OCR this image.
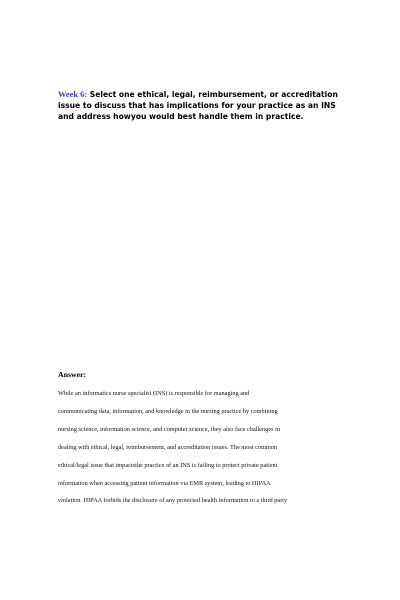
Week 6: Select one ethical, legal, reimbursement, or accreditation issue to discuss that has implications for your practice as an INS and address howyou would best handle them in practice.
Answer:
While an informatics nurse specialist (INS) is responsible for managing and
communicating data, information, and knowledge in the nursing practice by combining
nursing science, information science, and computer science, they also face challenges in
dealing with ethical, legal, reimbursement, and accreditation issues. The most common
ethical/legal issue that impactsthe practice of an INS is failing to protect private patient
information when accessing patient information via EMR system, leading to HIPAA
violation. HIPAA forbids the disclosure of any protected health information to a third party
